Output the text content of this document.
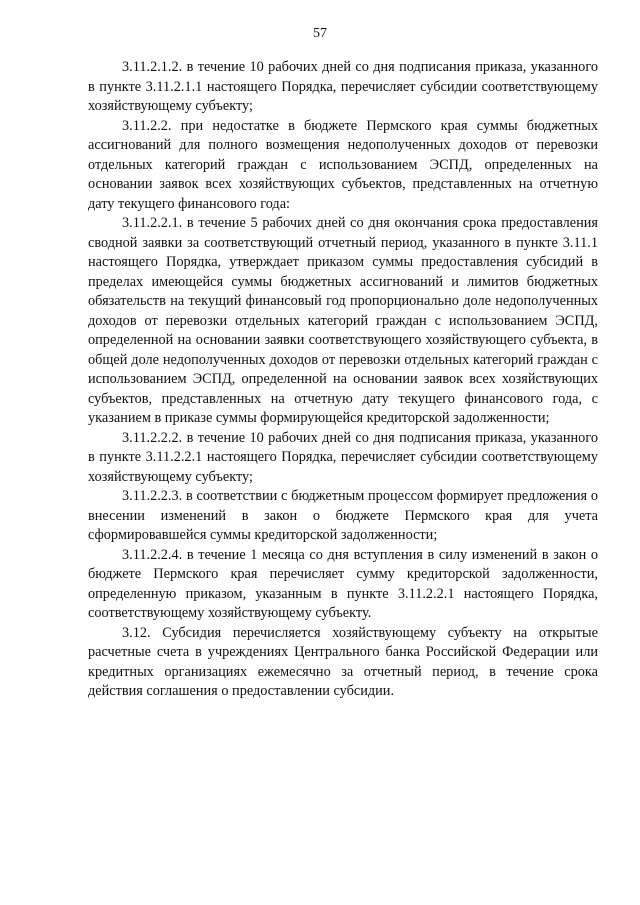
57

3.11.2.1.2. в течение 10 рабочих дней со дня подписания приказа, указанного в пункте 3.11.2.1.1 настоящего Порядка, перечисляет субсидии соответствующему хозяйствующему субъекту;

3.11.2.2. при недостатке в бюджете Пермского края суммы бюджетных ассигнований для полного возмещения недополученных доходов от перевозки отдельных категорий граждан с использованием ЭСПД, определенных на основании заявок всех хозяйствующих субъектов, представленных на отчетную дату текущего финансового года:

3.11.2.2.1. в течение 5 рабочих дней со дня окончания срока предоставления сводной заявки за соответствующий отчетный период, указанного в пункте 3.11.1 настоящего Порядка, утверждает приказом суммы предоставления субсидий в пределах имеющейся суммы бюджетных ассигнований и лимитов бюджетных обязательств на текущий финансовый год пропорционально доле недополученных доходов от перевозки отдельных категорий граждан с использованием ЭСПД, определенной на основании заявки соответствующего хозяйствующего субъекта, в общей доле недополученных доходов от перевозки отдельных категорий граждан с использованием ЭСПД, определенной на основании заявок всех хозяйствующих субъектов, представленных на отчетную дату текущего финансового года, с указанием в приказе суммы формирующейся кредиторской задолженности;

3.11.2.2.2. в течение 10 рабочих дней со дня подписания приказа, указанного в пункте 3.11.2.2.1 настоящего Порядка, перечисляет субсидии соответствующему хозяйствующему субъекту;

3.11.2.2.3. в соответствии с бюджетным процессом формирует предложения о внесении изменений в закон о бюджете Пермского края для учета сформировавшейся суммы кредиторской задолженности;

3.11.2.2.4. в течение 1 месяца со дня вступления в силу изменений в закон о бюджете Пермского края перечисляет сумму кредиторской задолженности, определенную приказом, указанным в пункте 3.11.2.2.1 настоящего Порядка, соответствующему хозяйствующему субъекту.

3.12. Субсидия перечисляется хозяйствующему субъекту на открытые расчетные счета в учреждениях Центрального банка Российской Федерации или кредитных организациях ежемесячно за отчетный период, в течение срока действия соглашения о предоставлении субсидии.
